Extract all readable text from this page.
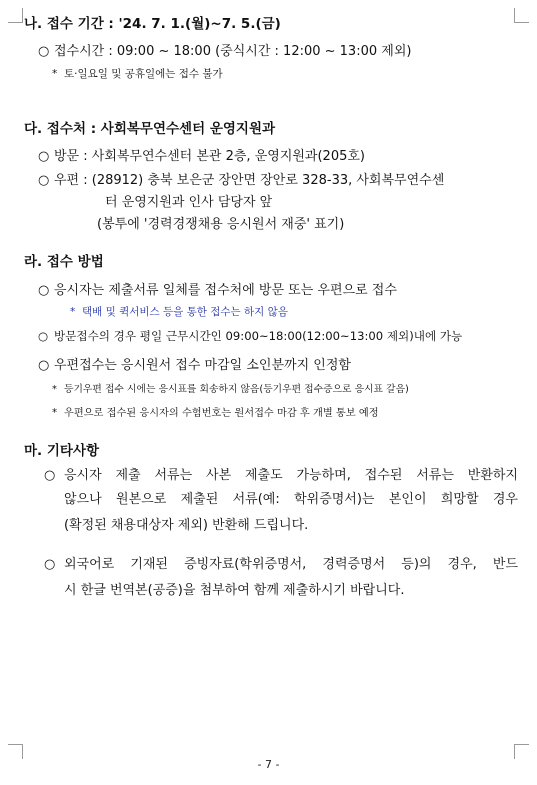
나. 접수 기간 : '24. 7. 1.(월)~7. 5.(금)
○ 접수시간 : 09:00 ~ 18:00 (중식시간 : 12:00 ~ 13:00 제외)
* 토·일요일 및 공휴일에는 접수 불가
다. 접수처 : 사회복무연수센터 운영지원과
○ 방문 : 사회복무연수센터 본관 2층, 운영지원과(205호)
○ 우편 : (28912) 충북 보은군 장안면 장안로 328-33, 사회복무연수센
터 운영지원과 인사 담당자 앞
(봉투에 '경력경쟁채용 응시원서 재중' 표기)
라. 접수 방법
○ 응시자는 제출서류 일체를 접수처에 방문 또는 우편으로 접수
* 택배 및 퀵서비스 등을 통한 접수는 하지 않음
○ 방문접수의 경우 평일 근무시간인 09:00~18:00(12:00~13:00 제외)내에 가능
○ 우편접수는 응시원서 접수 마감일 소인분까지 인정함
* 등기우편 접수 시에는 응시표를 회송하지 않음(등기우편 접수증으로 응시표 갈음)
* 우편으로 접수된 응시자의 수험번호는 원서접수 마감 후 개별 통보 예정
마. 기타사항
○ 응시자 제출 서류는 사본 제출도 가능하며, 접수된 서류는 반환하지
않으나 원본으로 제출된 서류(예: 학위증명서)는 본인이 희망할 경우
(확정된 채용대상자 제외) 반환해 드립니다.
○ 외국어로 기재된 증빙자료(학위증명서, 경력증명서 등)의 경우, 반드
시 한글 번역본(공증)을 첨부하여 함께 제출하시기 바랍니다.
- 7 -
